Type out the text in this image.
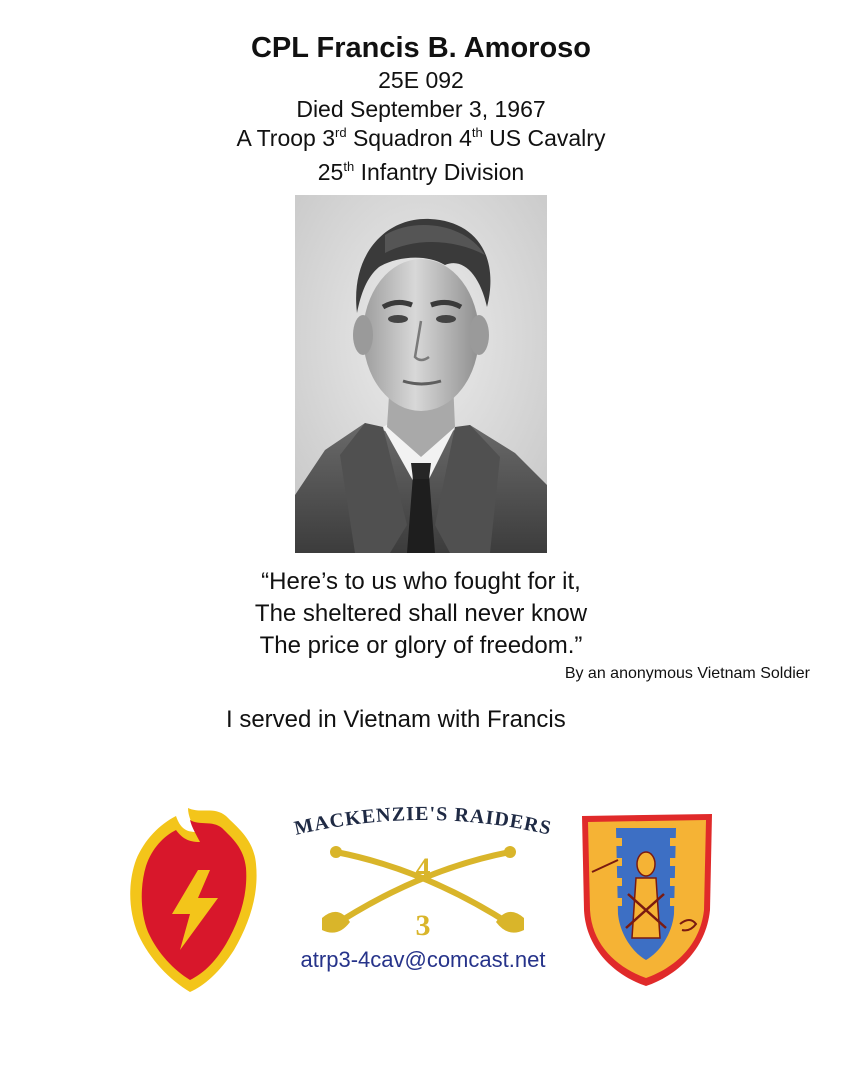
CPL Francis B. Amoroso
25E 092
Died September 3, 1967
A Troop 3rd Squadron 4th US Cavalry
25th Infantry Division
“Here’s to us who fought for it,
The sheltered shall never know
The price or glory of freedom.”
By an anonymous Vietnam Soldier
I served in Vietnam with Francis
MACKENZIE'S RAIDERS
4
3
atrp3-4cav@comcast.net
